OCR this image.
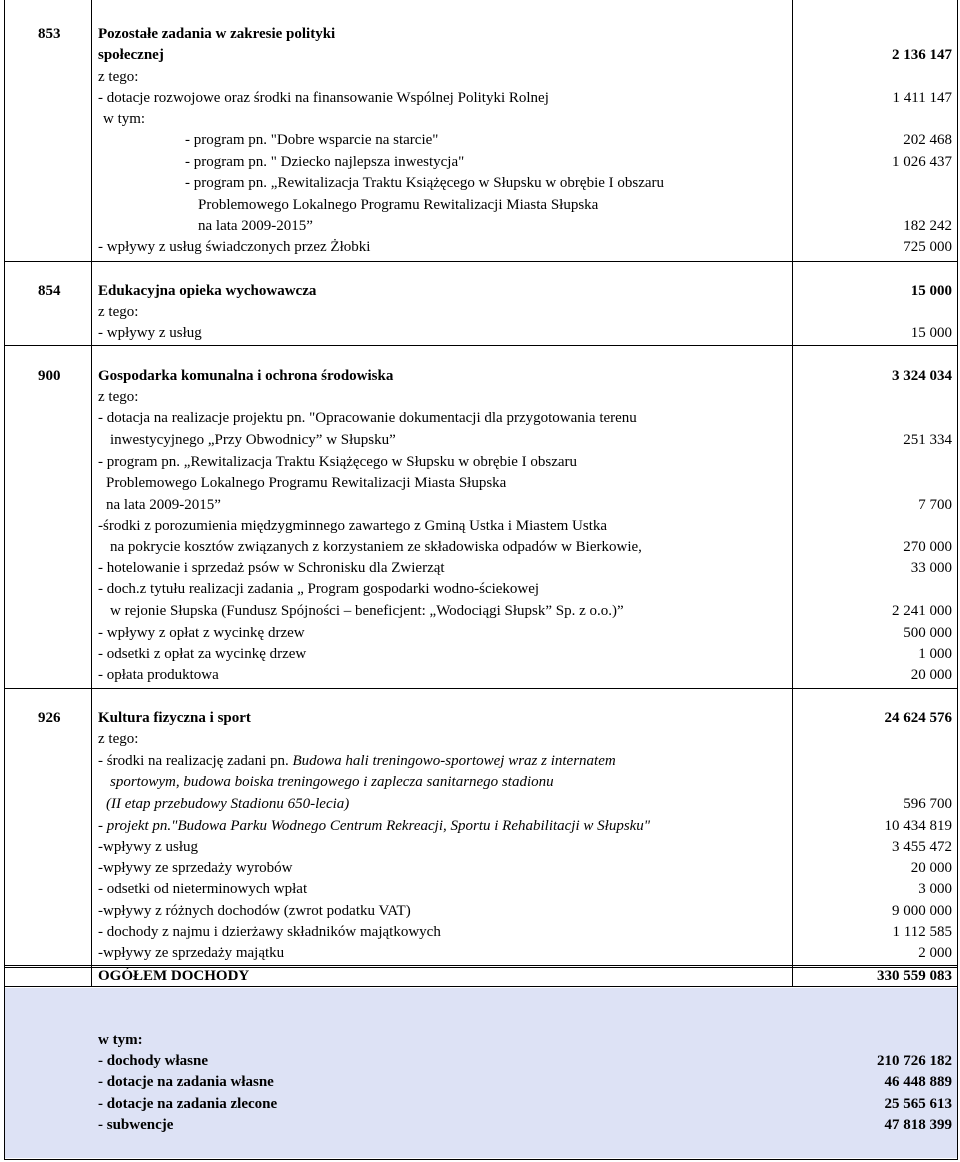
853	Pozostałe zadania w zakresie polityki
społecznej	2 136 147
z tego:
- dotacje rozwojowe oraz środki na finansowanie Wspólnej Polityki Rolnej	1 411 147
w tym:
- program pn. "Dobre wsparcie na starcie"	202 468
- program pn. " Dziecko najlepsza inwestycja"	1 026 437
- program pn. „Rewitalizacja Traktu Książęcego w Słupsku w obrębie I obszaru
Problemowego Lokalnego Programu Rewitalizacji Miasta Słupska
na lata 2009-2015”	182 242
- wpływy z usług świadczonych przez Żłobki	725 000
854	Edukacyjna opieka wychowawcza	15 000
z tego:
- wpływy z usług	15 000
900	Gospodarka komunalna i ochrona środowiska	3 324 034
z tego:
- dotacja na realizacje projektu pn. "Opracowanie dokumentacji dla przygotowania terenu
inwestycyjnego „Przy Obwodnicy” w Słupsku”	251 334
- program pn. „Rewitalizacja Traktu Książęcego w Słupsku w obrębie I obszaru
Problemowego Lokalnego Programu Rewitalizacji Miasta Słupska
na lata 2009-2015”	7 700
-środki z porozumienia międzygminnego zawartego z Gminą Ustka i Miastem Ustka
na pokrycie kosztów związanych z korzystaniem ze składowiska odpadów w Bierkowie,	270 000
- hotelowanie i sprzedaż psów w Schronisku dla Zwierząt	33 000
- doch.z tytułu realizacji zadania „ Program gospodarki wodno-ściekowej
w rejonie Słupska (Fundusz Spójności – beneficjent: „Wodociągi Słupsk” Sp. z o.o.)”	2 241 000
- wpływy z opłat z wycinkę drzew	500 000
- odsetki z opłat za wycinkę drzew	1 000
- opłata produktowa	20 000
926	Kultura fizyczna i sport	24 624 576
z tego:
- środki na realizację zadani pn. Budowa hali treningowo-sportowej wraz z internatem
sportowym, budowa boiska treningowego i zaplecza sanitarnego stadionu
(II etap przebudowy Stadionu 650-lecia)	596 700
- projekt pn."Budowa Parku Wodnego Centrum Rekreacji, Sportu i Rehabilitacji w Słupsku"	10 434 819
-wpływy z usług	3 455 472
-wpływy ze sprzedaży wyrobów	20 000
- odsetki od nieterminowych wpłat	3 000
-wpływy z różnych dochodów (zwrot podatku VAT)	9 000 000
- dochody z najmu i dzierżawy składników majątkowych	1 112 585
-wpływy ze sprzedaży majątku	2 000
OGÓŁEM DOCHODY	330 559 083
w tym:
- dochody własne	210 726 182
- dotacje na zadania własne	46 448 889
- dotacje na zadania zlecone	25 565 613
- subwencje	47 818 399
